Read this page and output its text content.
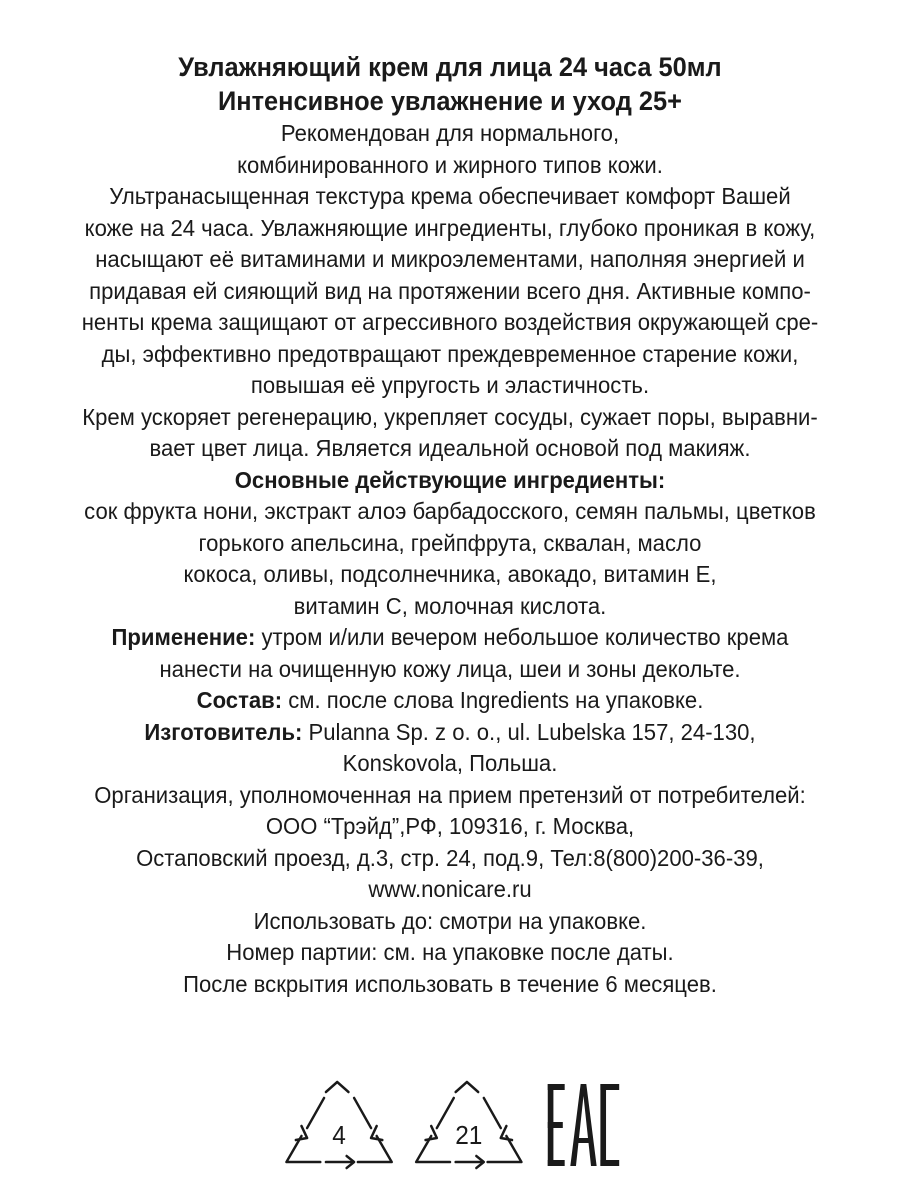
Увлажняющий крем для лица 24 часа 50мл

Интенсивное увлажнение и уход 25+

Рекомендован для нормального,

комбинированного и жирного типов кожи.

Ультранасыщенная текстура крема обеспечивает комфорт Вашей

коже на 24 часа. Увлажняющие ингредиенты, глубоко проникая в кожу,

насыщают её витаминами и микроэлементами, наполняя энергией и

придавая ей сияющий вид на протяжении всего дня. Активные компо-

ненты крема защищают от агрессивного воздействия окружающей сре-

ды, эффективно предотвращают преждевременное старение кожи,

повышая её упругость и эластичность.

Крем ускоряет регенерацию, укрепляет сосуды, сужает поры, выравни-

вает цвет лица. Является идеальной основой под макияж.

Основные действующие ингредиенты:

сок фрукта нони, экстракт алоэ барбадосского, семян пальмы, цветков

горького апельсина, грейпфрута, сквалан, масло

кокоса, оливы, подсолнечника, авокадо, витамин Е,

витамин С, молочная кислота.

Применение: утром и/или вечером небольшое количество крема

нанести на очищенную кожу лица, шеи и зоны декольте.

Состав: см. после слова Ingredients на упаковке.

Изготовитель: Pulanna Sp. z o. o., ul. Lubelska 157, 24-130,

Konskovola, Польша.

Организация, уполномоченная на прием претензий от потребителей:

ООО “Трэйд”,РФ, 109316, г. Москва,

Остаповский проезд, д.3, стр. 24, под.9, Тел:8(800)200-36-39,

www.nonicare.ru

Использовать до: смотри на упаковке.

Номер партии: см. на упаковке после даты.

После вскрытия использовать в течение 6 месяцев.

4	21
EAC
